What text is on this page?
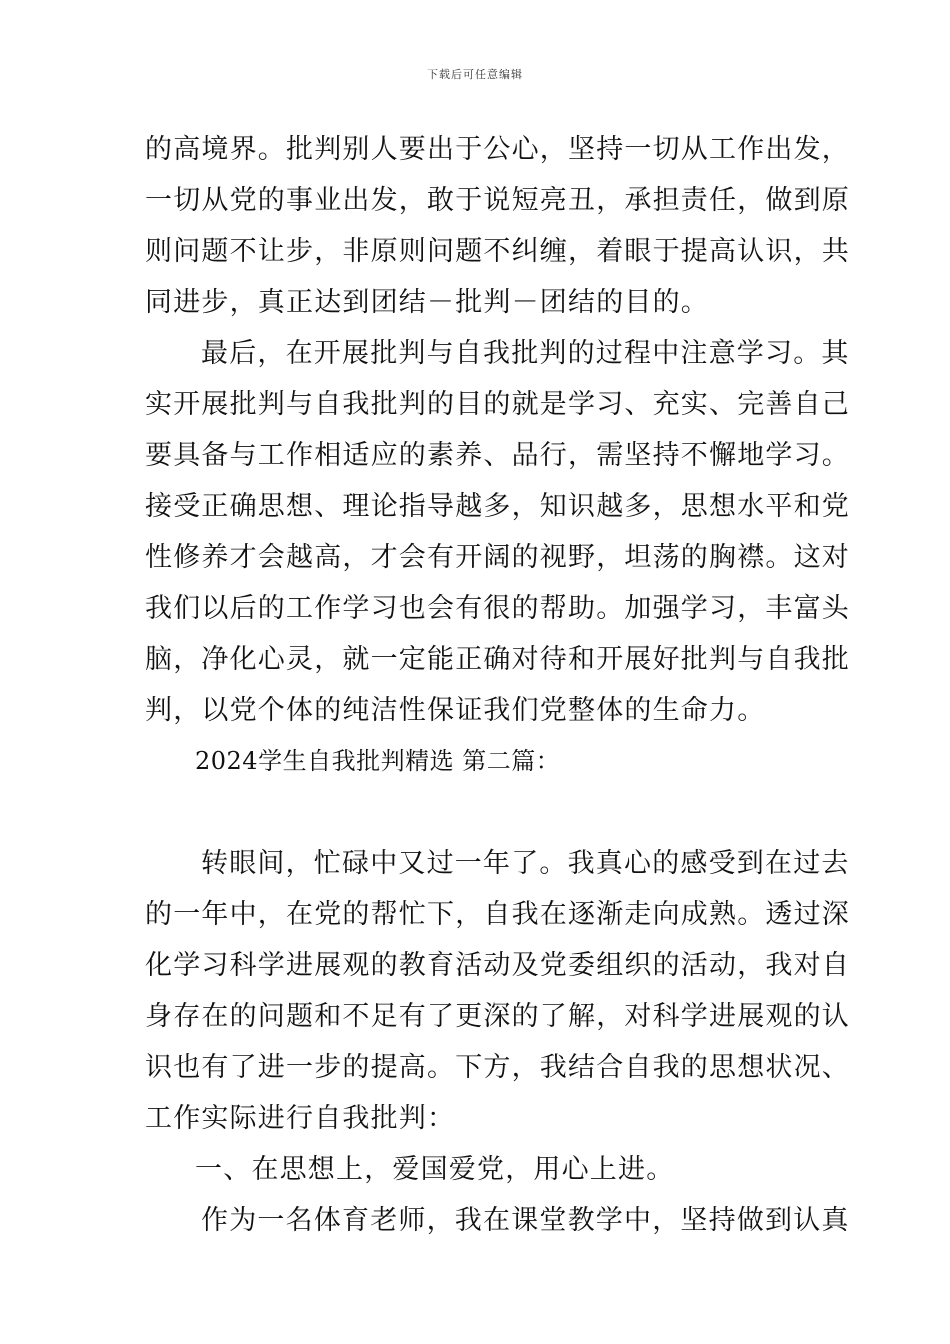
下载后可任意编辑
的高境界。批判别人要出于公心，坚持一切从工作出发，
一切从党的事业出发，敢于说短亮丑，承担责任，做到原
则问题不让步，非原则问题不纠缠，着眼于提高认识，共
同进步，真正达到团结－批判－团结的目的。
最后，在开展批判与自我批判的过程中注意学习。其
实开展批判与自我批判的目的就是学习、充实、完善自己
要具备与工作相适应的素养、品行，需坚持不懈地学习。
接受正确思想、理论指导越多，知识越多，思想水平和党
性修养才会越高，才会有开阔的视野，坦荡的胸襟。这对
我们以后的工作学习也会有很的帮助。加强学习，丰富头
脑，净化心灵，就一定能正确对待和开展好批判与自我批
判，以党个体的纯洁性保证我们党整体的生命力。
2024学生自我批判精选 第二篇：
转眼间，忙碌中又过一年了。我真心的感受到在过去
的一年中，在党的帮忙下，自我在逐渐走向成熟。透过深
化学习科学进展观的教育活动及党委组织的活动，我对自
身存在的问题和不足有了更深的了解，对科学进展观的认
识也有了进一步的提高。下方，我结合自我的思想状况、
工作实际进行自我批判：
一、在思想上，爱国爱党，用心上进。
作为一名体育老师，我在课堂教学中，坚持做到认真
